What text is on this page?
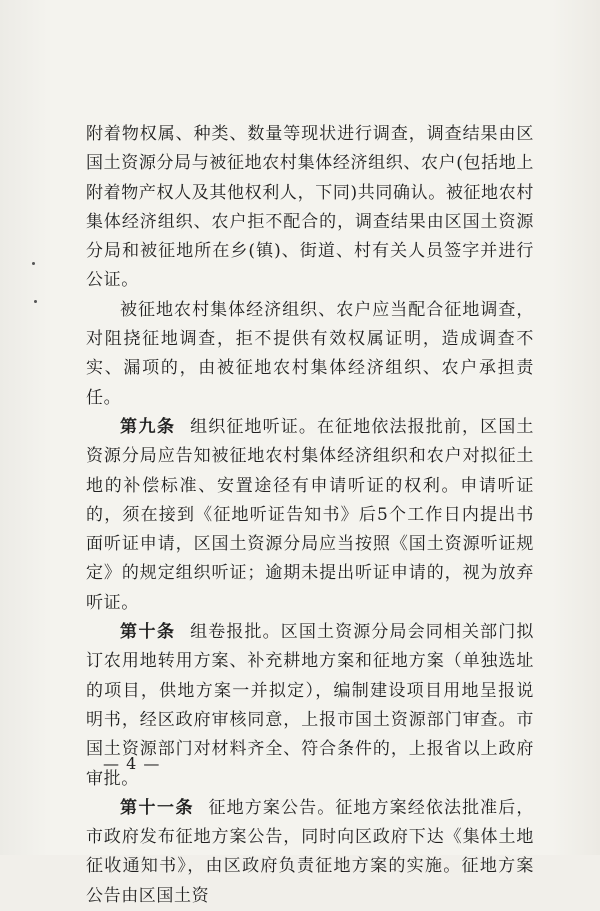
附着物权属、种类、数量等现状进行调查，调查结果由区国土资源分局与被征地农村集体经济组织、农户(包括地上附着物产权人及其他权利人，下同)共同确认。被征地农村集体经济组织、农户拒不配合的，调查结果由区国土资源分局和被征地所在乡(镇)、街道、村有关人员签字并进行公证。

被征地农村集体经济组织、农户应当配合征地调查，对阻挠征地调查，拒不提供有效权属证明，造成调查不实、漏项的，由被征地农村集体经济组织、农户承担责任。

第九条 组织征地听证。在征地依法报批前，区国土资源分局应告知被征地农村集体经济组织和农户对拟征土地的补偿标准、安置途径有申请听证的权利。申请听证的，须在接到《征地听证告知书》后5个工作日内提出书面听证申请，区国土资源分局应当按照《国土资源听证规定》的规定组织听证；逾期未提出听证申请的，视为放弃听证。

第十条 组卷报批。区国土资源分局会同相关部门拟订农用地转用方案、补充耕地方案和征地方案（单独选址的项目，供地方案一并拟定），编制建设项目用地呈报说明书，经区政府审核同意，上报市国土资源部门审查。市国土资源部门对材料齐全、符合条件的，上报省以上政府审批。

第十一条 征地方案公告。征地方案经依法批准后，市政府发布征地方案公告，同时向区政府下达《集体土地征收通知书》，由区政府负责征地方案的实施。征地方案公告由区国土资

— 4 —
